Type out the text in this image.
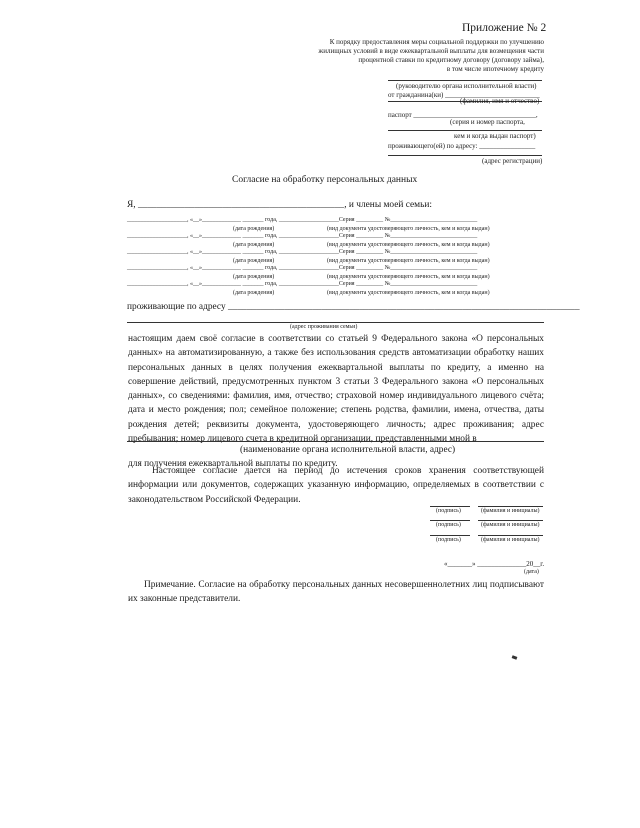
Приложение № 2
К порядку предоставления меры социальной поддержки по улучшению
жилищных условий в виде ежеквартальной выплаты для возмещения части
процентной ставки по кредитному договору (договору займа),
в том числе ипотечному кредиту
(руководителю органа исполнительной власти)
от гражданина(ки) ___________________________
(фамилия, имя и отчество)
паспорт ___________________________________,
(серия и номер паспорта,
кем и когда выдан паспорт)
проживающего(ей) по адресу: ________________
(адрес регистрации)
Согласие на обработку персональных данных
Я, ____________________________________________, и члены моей семьи:
____________________, «__»_____________ _______ года, ____________________Серия _________ №_____________________________
(дата рождения)	(вид документа удостоверяющего личность, кем и когда выдан)
____________________, «__»_____________ _______ года, ____________________Серия _________ №_____________________________
(дата рождения)	(вид документа удостоверяющего личность, кем и когда выдан)
____________________, «__»_____________ _______ года, ____________________Серия _________ №_____________________________
(дата рождения)	(вид документа удостоверяющего личность, кем и когда выдан)
____________________, «__»_____________ _______ года, ____________________Серия _________ №_____________________________
(дата рождения)	(вид документа удостоверяющего личность, кем и когда выдан)
____________________, «__»_____________ _______ года, ____________________Серия _________ №_____________________________
(дата рождения)	(вид документа удостоверяющего личность, кем и когда выдан)
проживающие по адресу ___________________________________________________________________________
(адрес проживания семьи)
настоящим даем своё согласие в соответствии со статьей 9 Федерального закона «О персональных данных» на автоматизированную, а также без использования средств автоматизации обработку наших персональных данных в целях получения ежеквартальной выплаты по кредиту, а именно на совершение действий, предусмотренных пунктом 3 статьи 3 Федерального закона «О персональных данных», со сведениями: фамилия, имя, отчество; страховой номер индивидуального лицевого счёта; дата и место рождения; пол; семейное положение; степень родства, фамилии, имена, отчества, даты рождения детей; реквизиты документа, удостоверяющего личность; адрес проживания; адрес пребывания; номер лицевого счета в кредитной организации, представленными мной в
(наименование органа исполнительной власти, адрес)
для получения ежеквартальной выплаты по кредиту.
Настоящее согласие дается на период до истечения сроков хранения соответствующей информации или документов, содержащих указанную информацию, определяемых в соответствии с законодательством Российской Федерации.
(подпись)	(фамилия и инициалы)
(подпись)	(фамилия и инициалы)
(подпись)	(фамилия и инициалы)
«_______» ______________20__г.
(дата)
Примечание. Согласие на обработку персональных данных несовершеннолетних лиц подписывают их законные представители.
